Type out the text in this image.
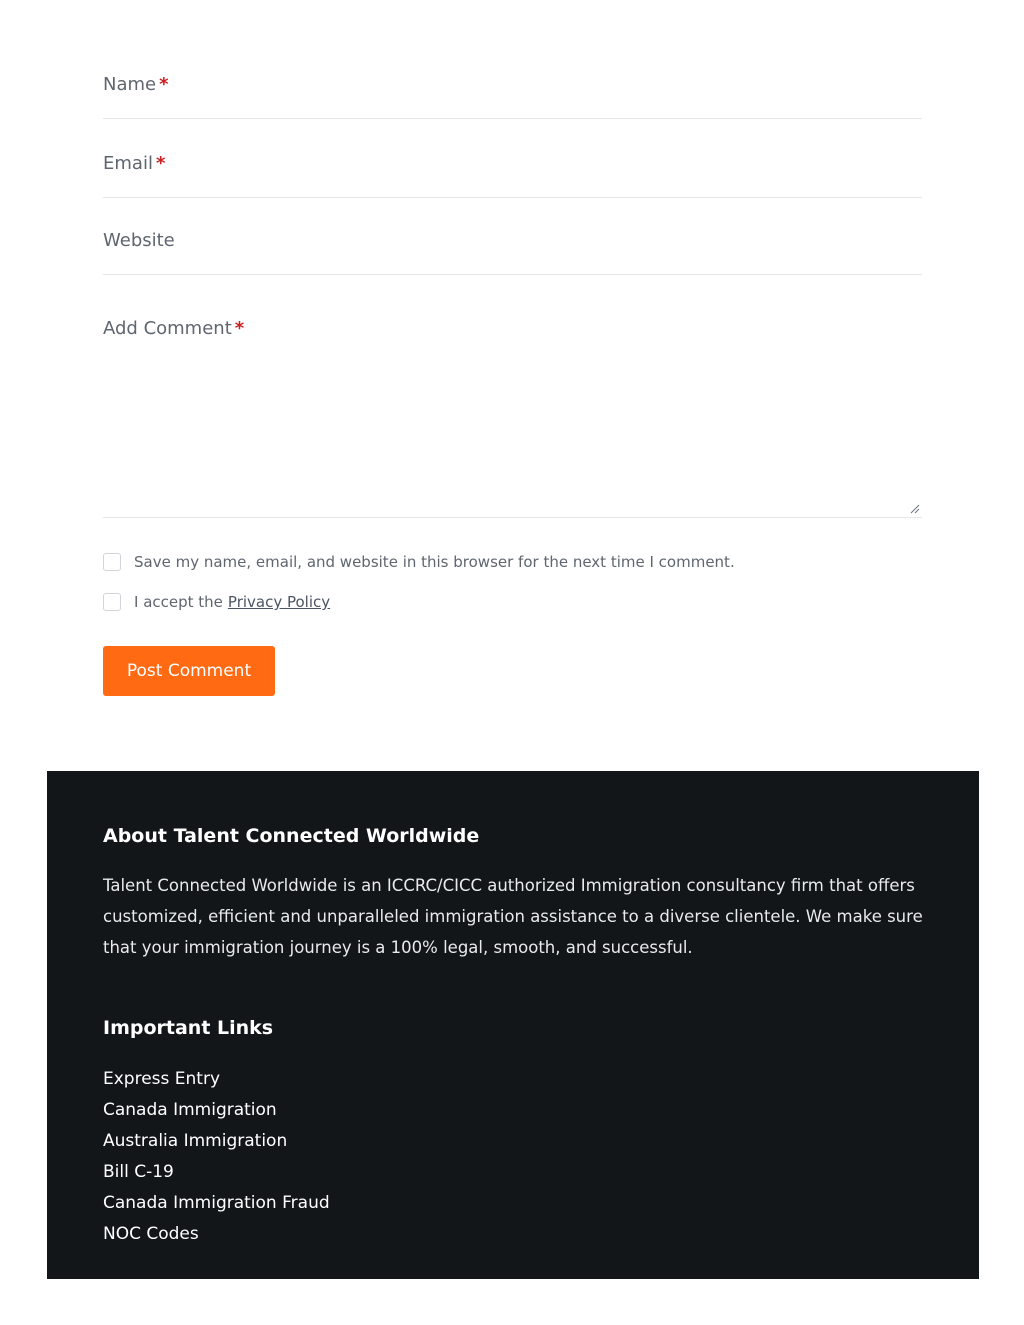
Name *
Email *
Website
Add Comment *
Save my name, email, and website in this browser for the next time I comment.
I accept the Privacy Policy
Post Comment
About Talent Connected Worldwide

Talent Connected Worldwide is an ICCRC/CICC authorized Immigration consultancy firm that offers customized, efficient and unparalleled immigration assistance to a diverse clientele. We make sure that your immigration journey is a 100% legal, smooth, and successful.

Important Links
Express Entry
Canada Immigration
Australia Immigration
Bill C-19
Canada Immigration Fraud
NOC Codes
